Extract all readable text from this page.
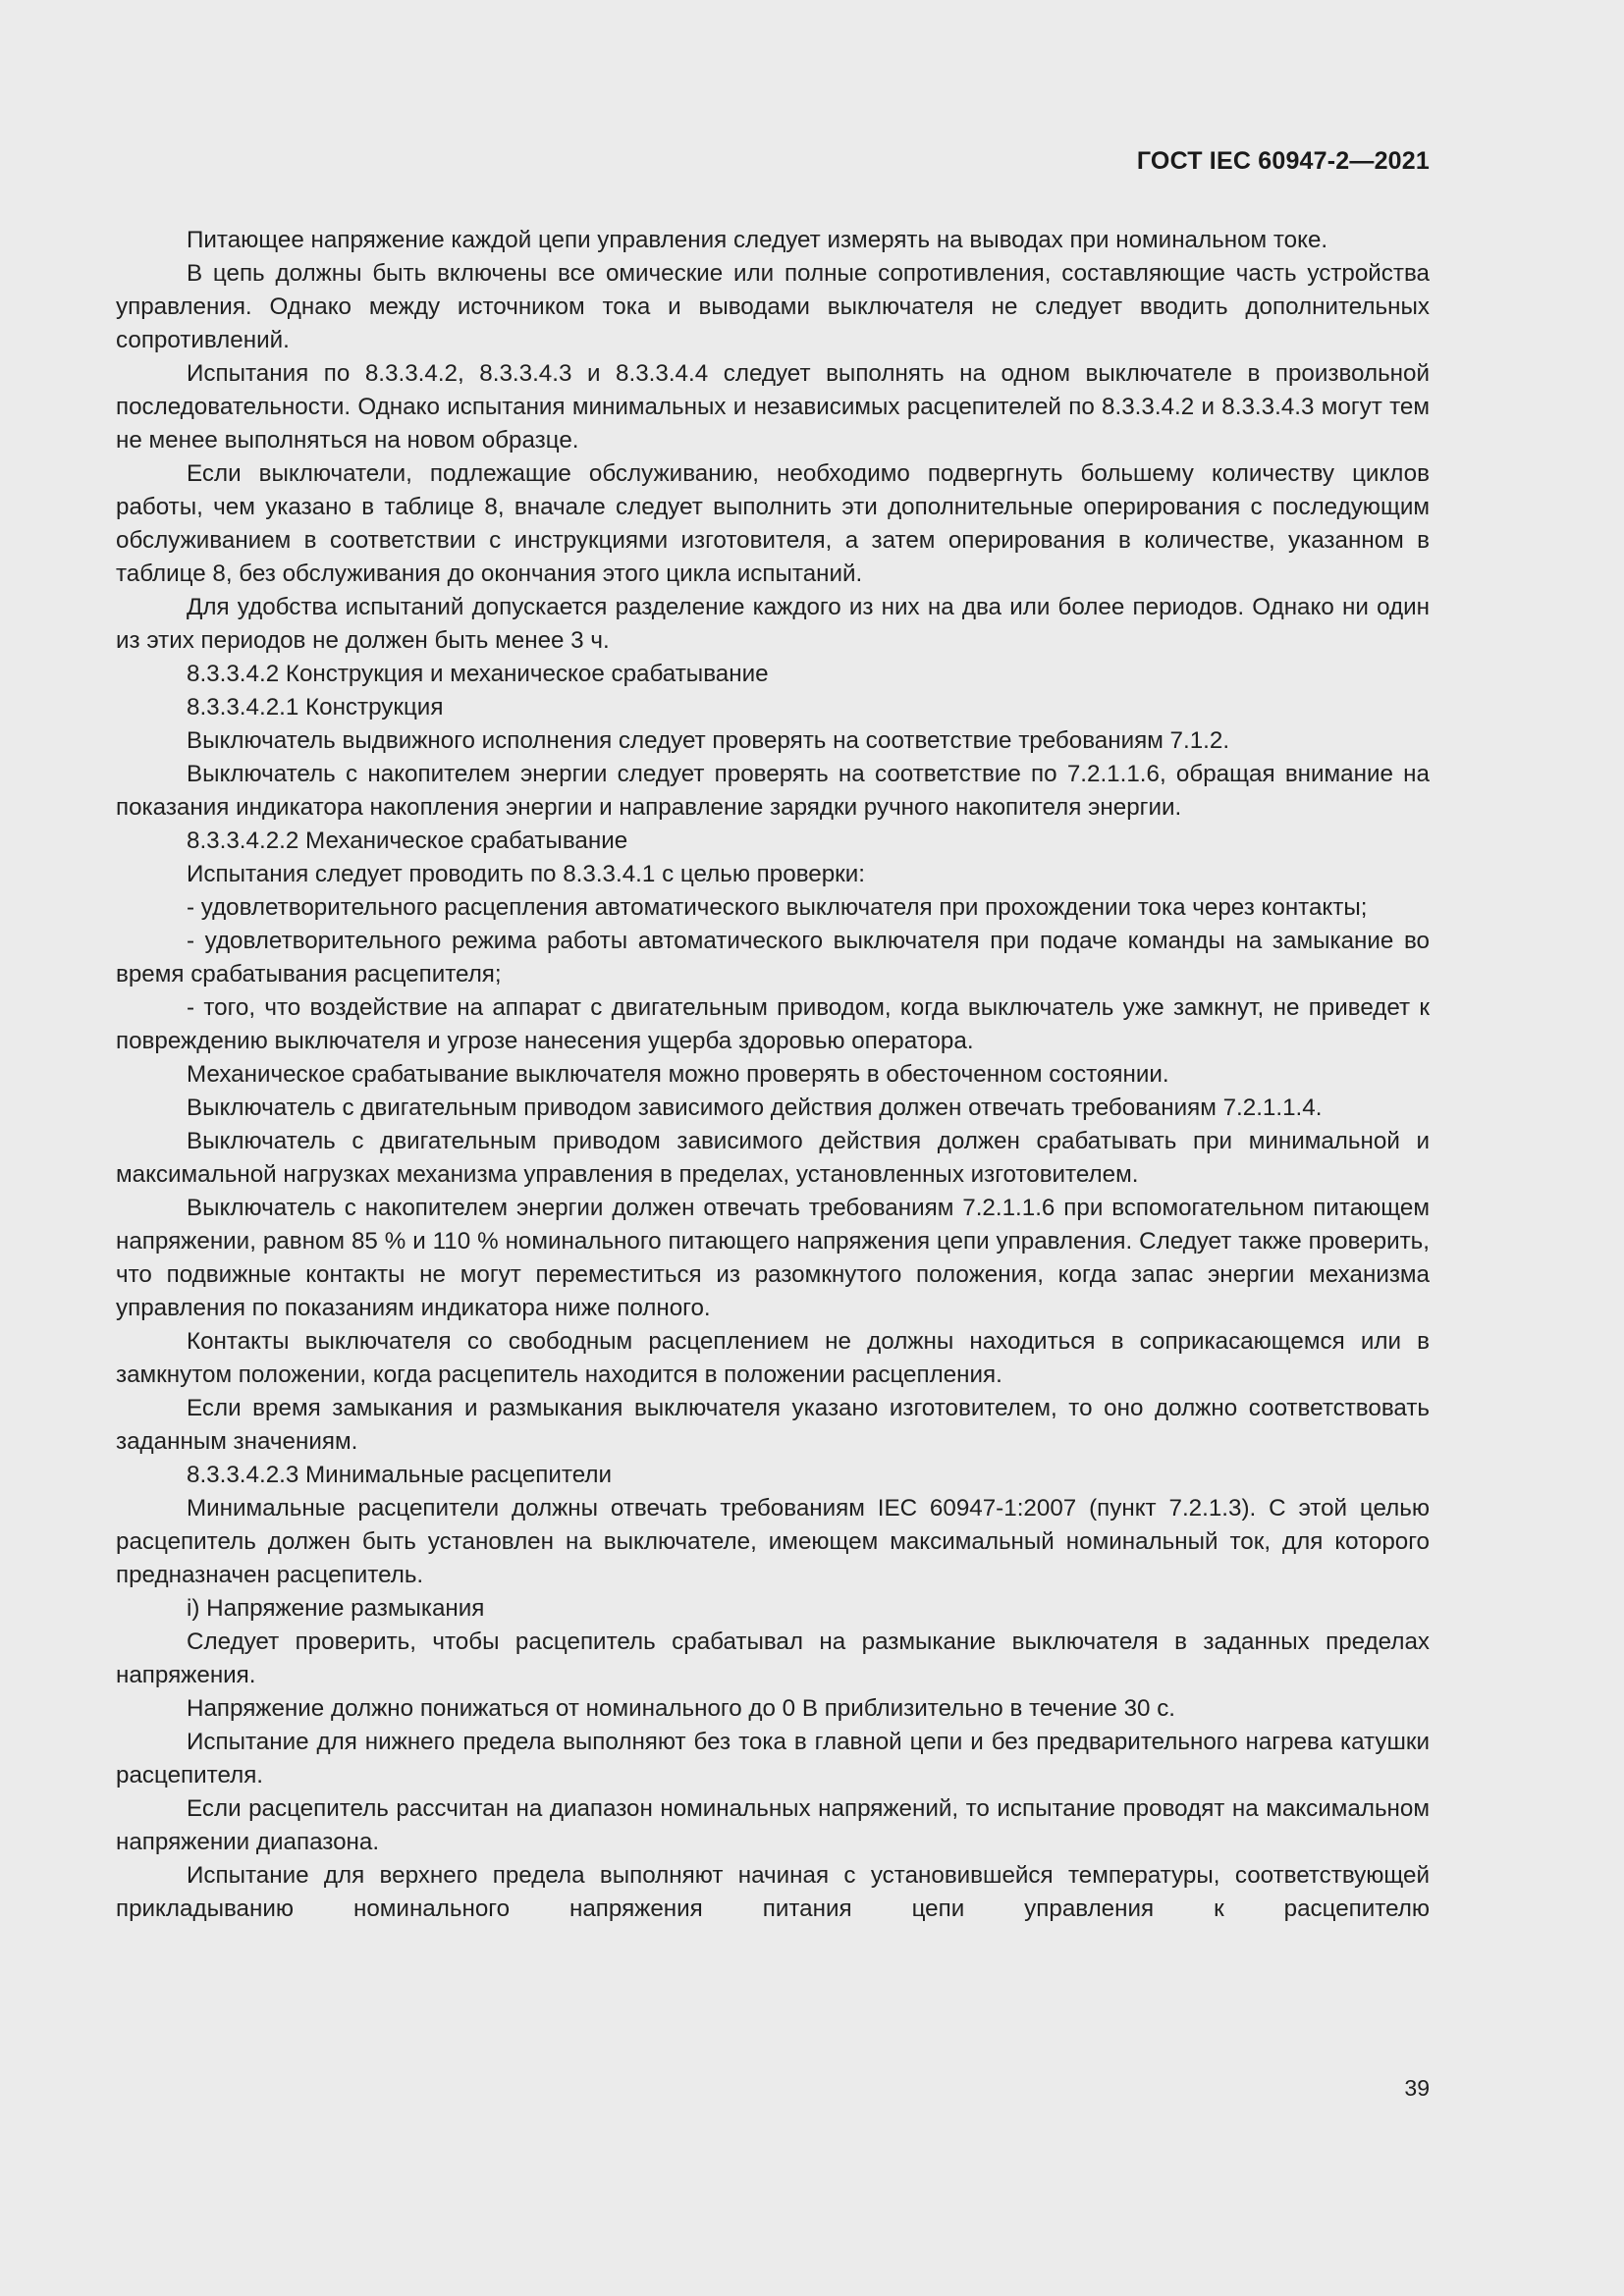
ГОСТ IEC 60947-2—2021

Питающее напряжение каждой цепи управления следует измерять на выводах при номинальном токе.

В цепь должны быть включены все омические или полные сопротивления, составляющие часть устройства управления. Однако между источником тока и выводами выключателя не следует вводить дополнительных сопротивлений.

Испытания по 8.3.3.4.2, 8.3.3.4.3 и 8.3.3.4.4 следует выполнять на одном выключателе в произвольной последовательности. Однако испытания минимальных и независимых расцепителей по 8.3.3.4.2 и 8.3.3.4.3 могут тем не менее выполняться на новом образце.

Если выключатели, подлежащие обслуживанию, необходимо подвергнуть большему количеству циклов работы, чем указано в таблице 8, вначале следует выполнить эти дополнительные оперирования с последующим обслуживанием в соответствии с инструкциями изготовителя, а затем оперирования в количестве, указанном в таблице 8, без обслуживания до окончания этого цикла испытаний.

Для удобства испытаний допускается разделение каждого из них на два или более периодов. Однако ни один из этих периодов не должен быть менее 3 ч.

8.3.3.4.2 Конструкция и механическое срабатывание

8.3.3.4.2.1 Конструкция

Выключатель выдвижного исполнения следует проверять на соответствие требованиям 7.1.2.

Выключатель с накопителем энергии следует проверять на соответствие по 7.2.1.1.6, обращая внимание на показания индикатора накопления энергии и направление зарядки ручного накопителя энергии.

8.3.3.4.2.2 Механическое срабатывание

Испытания следует проводить по 8.3.3.4.1 с целью проверки:

- удовлетворительного расцепления автоматического выключателя при прохождении тока через контакты;

- удовлетворительного режима работы автоматического выключателя при подаче команды на замыкание во время срабатывания расцепителя;

- того, что воздействие на аппарат с двигательным приводом, когда выключатель уже замкнут, не приведет к повреждению выключателя и угрозе нанесения ущерба здоровью оператора.

Механическое срабатывание выключателя можно проверять в обесточенном состоянии.

Выключатель с двигательным приводом зависимого действия должен отвечать требованиям 7.2.1.1.4.

Выключатель с двигательным приводом зависимого действия должен срабатывать при минимальной и максимальной нагрузках механизма управления в пределах, установленных изготовителем.

Выключатель с накопителем энергии должен отвечать требованиям 7.2.1.1.6 при вспомогательном питающем напряжении, равном 85 % и 110 % номинального питающего напряжения цепи управления. Следует также проверить, что подвижные контакты не могут переместиться из разомкнутого положения, когда запас энергии механизма управления по показаниям индикатора ниже полного.

Контакты выключателя со свободным расцеплением не должны находиться в соприкасающемся или в замкнутом положении, когда расцепитель находится в положении расцепления.

Если время замыкания и размыкания выключателя указано изготовителем, то оно должно соответствовать заданным значениям.

8.3.3.4.2.3 Минимальные расцепители

Минимальные расцепители должны отвечать требованиям IEC 60947-1:2007 (пункт 7.2.1.3). С этой целью расцепитель должен быть установлен на выключателе, имеющем максимальный номинальный ток, для которого предназначен расцепитель.

i) Напряжение размыкания

Следует проверить, чтобы расцепитель срабатывал на размыкание выключателя в заданных пределах напряжения.

Напряжение должно понижаться от номинального до 0 В приблизительно в течение 30 с.

Испытание для нижнего предела выполняют без тока в главной цепи и без предварительного нагрева катушки расцепителя.

Если расцепитель рассчитан на диапазон номинальных напряжений, то испытание проводят на максимальном напряжении диапазона.

Испытание для верхнего предела выполняют начиная с установившейся температуры, соответствующей прикладыванию номинального напряжения питания цепи управления к расцепителю

39
